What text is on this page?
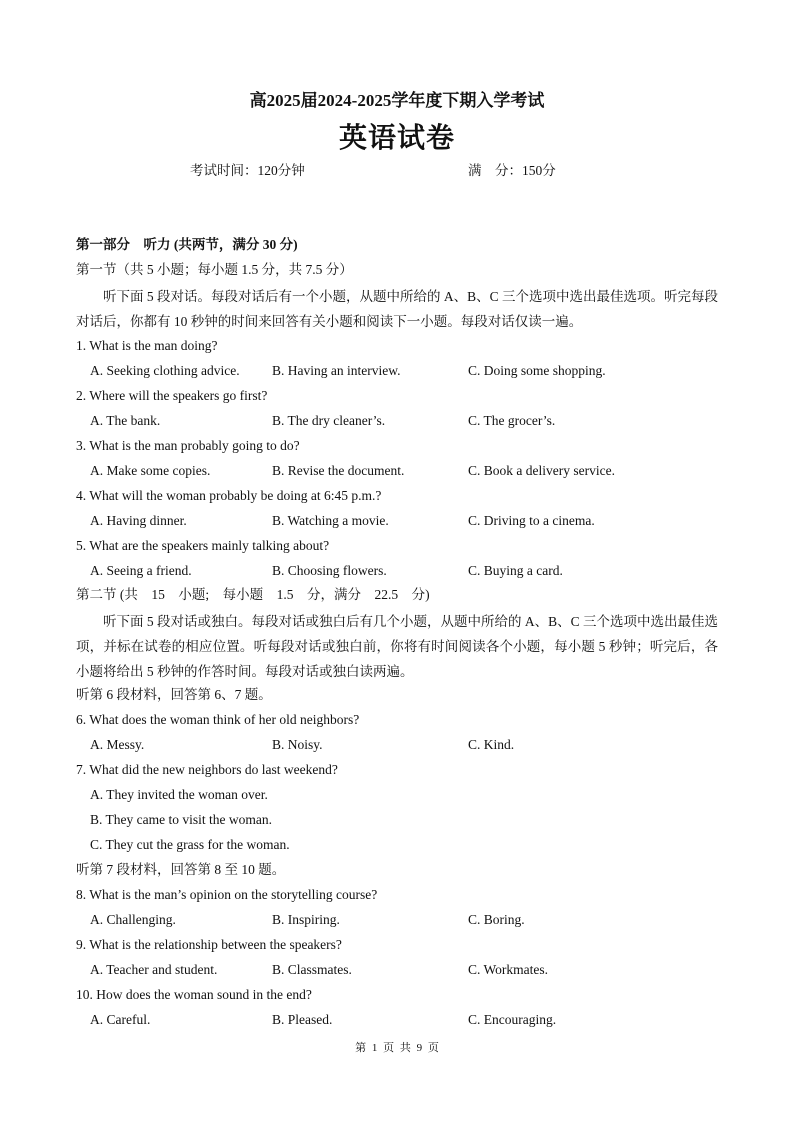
高2025届2024-2025学年度下期入学考试
英语试卷
考试时间：120分钟	满　分：150分
第一部分　听力 (共两节，满分 30 分)
第一节（共 5 小题；每小题 1.5 分，共 7.5 分）
听下面 5 段对话。每段对话后有一个小题，从题中所给的 A、B、C 三个选项中选出最佳选项。听完每段对话后，你都有 10 秒钟的时间来回答有关小题和阅读下一小题。每段对话仅读一遍。
1. What is the man doing?
A. Seeking clothing advice. B. Having an interview.	C. Doing some shopping.
2. Where will the speakers go first?
A. The bank.	B. The dry cleaner’s.	C. The grocer’s.
3. What is the man probably going to do?
A. Make some copies.	B. Revise the document.	C. Book a delivery service.
4. What will the woman probably be doing at 6:45 p.m.?
A. Having dinner.	B. Watching a movie.	C. Driving to a cinema.
5. What are the speakers mainly talking about?
A. Seeing a friend.	B. Choosing flowers.	C. Buying a card.
第二节 (共　15　小题;　每小题　1.5　分，满分　22.5　分)
听下面 5 段对话或独白。每段对话或独白后有几个小题，从题中所给的 A、B、C 三个选项中选出最佳选项，并标在试卷的相应位置。听每段对话或独白前，你将有时间阅读各个小题，每小题 5 秒钟；听完后，各小题将给出 5 秒钟的作答时间。每段对话或独白读两遍。
听第 6 段材料，回答第 6、7 题。
6. What does the woman think of her old neighbors?
A. Messy.	B. Noisy.	C. Kind.
7. What did the new neighbors do last weekend?
A. They invited the woman over.
B. They came to visit the woman.
C. They cut the grass for the woman.
听第 7 段材料，回答第 8 至 10 题。
8. What is the man’s opinion on the storytelling course?
A. Challenging.	B. Inspiring.	C. Boring.
9. What is the relationship between the speakers?
A. Teacher and student.	B. Classmates.	C. Workmates.
10. How does the woman sound in the end?
A. Careful.	B. Pleased.	C. Encouraging.
第 1 页 共 9 页
